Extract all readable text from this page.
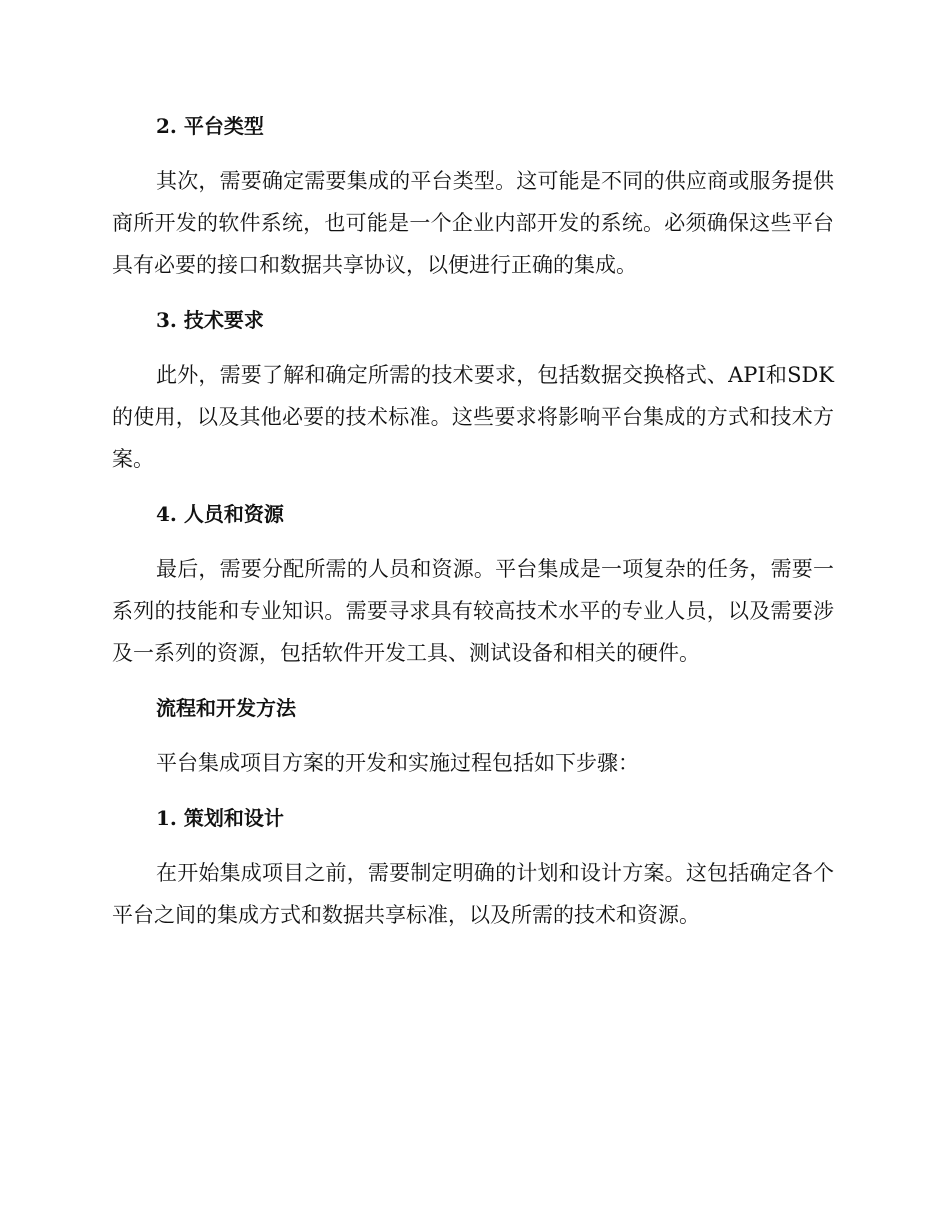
2. 平台类型

其次，需要确定需要集成的平台类型。这可能是不同的供应商或服务提供商所开发的软件系统，也可能是一个企业内部开发的系统。必须确保这些平台具有必要的接口和数据共享协议，以便进行正确的集成。

3. 技术要求

此外，需要了解和确定所需的技术要求，包括数据交换格式、API和SDK的使用，以及其他必要的技术标准。这些要求将影响平台集成的方式和技术方案。

4. 人员和资源

最后，需要分配所需的人员和资源。平台集成是一项复杂的任务，需要一系列的技能和专业知识。需要寻求具有较高技术水平的专业人员，以及需要涉及一系列的资源，包括软件开发工具、测试设备和相关的硬件。

流程和开发方法

平台集成项目方案的开发和实施过程包括如下步骤：

1. 策划和设计

在开始集成项目之前，需要制定明确的计划和设计方案。这包括确定各个平台之间的集成方式和数据共享标准，以及所需的技术和资源。
